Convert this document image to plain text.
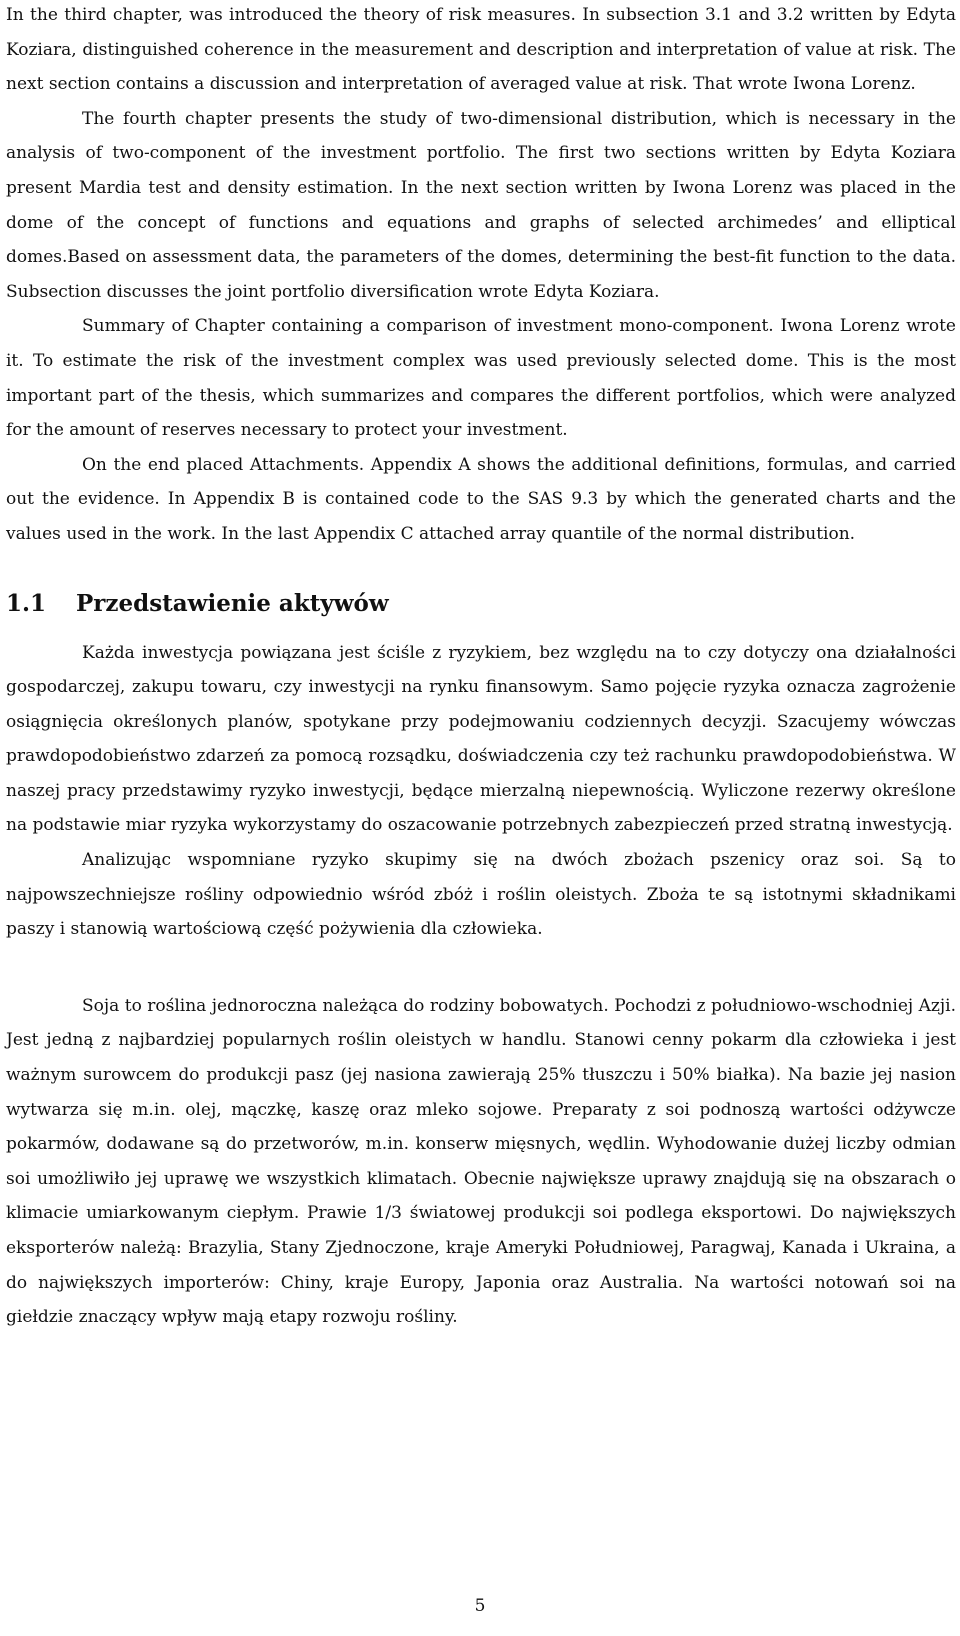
In the third chapter, was introduced the theory of risk measures. In subsection 3.1 and 3.2 written by Edyta Koziara, distinguished coherence in the measurement and description and interpretation of value at risk. The next section contains a discussion and interpretation of averaged value at risk. That wrote Iwona Lorenz.

The fourth chapter presents the study of two-dimensional distribution, which is necessary in the analysis of two-component of the investment portfolio. The first two sections written by Edyta Koziara present Mardia test and density estimation. In the next section written by Iwona Lorenz was placed in the dome of the concept of functions and equations and graphs of selected archimedes’ and elliptical domes.Based on assessment data, the parameters of the domes, determining the best-fit function to the data. Subsection discusses the joint portfolio diversification wrote Edyta Koziara.

Summary of Chapter containing a comparison of investment mono-component. Iwona Lorenz wrote it. To estimate the risk of the investment complex was used previously selected dome. This is the most important part of the thesis, which summarizes and compares the different portfolios, which were analyzed for the amount of reserves necessary to protect your investment.

On the end placed Attachments. Appendix A shows the additional definitions, formulas, and carried out the evidence. In Appendix B is contained code to the SAS 9.3 by which the generated charts and the values used in the work. In the last Appendix C attached array quantile of the normal distribution.

1.1	Przedstawienie aktywów

Każda inwestycja powiązana jest ściśle z ryzykiem, bez względu na to czy dotyczy ona działalności gospodarczej, zakupu towaru, czy inwestycji na rynku finansowym. Samo pojęcie ryzyka oznacza zagrożenie osiągnięcia określonych planów, spotykane przy podejmowaniu codziennych decyzji. Szacujemy wówczas prawdopodobieństwo zdarzeń za pomocą rozsądku, doświadczenia czy też rachunku prawdopodobieństwa. W naszej pracy przedstawimy ryzyko inwestycji, będące mierzalną niepewnością. Wyliczone rezerwy określone na podstawie miar ryzyka wykorzystamy do oszacowanie potrzebnych zabezpieczeń przed stratną inwestycją.

Analizując wspomniane ryzyko skupimy się na dwóch zbożach pszenicy oraz soi. Są to najpowszechniejsze rośliny odpowiednio wśród zbóż i roślin oleistych. Zboża te są istotnymi składnikami paszy i stanowią wartościową część pożywienia dla człowieka.

Soja to roślina jednoroczna należąca do rodziny bobowatych. Pochodzi z południowo-wschodniej Azji. Jest jedną z najbardziej popularnych roślin oleistych w handlu. Stanowi cenny pokarm dla człowieka i jest ważnym surowcem do produkcji pasz (jej nasiona zawierają 25% tłuszczu i 50% białka). Na bazie jej nasion wytwarza się m.in. olej, mączkę, kaszę oraz mleko sojowe. Preparaty z soi podnoszą wartości odżywcze pokarmów, dodawane są do przetworów, m.in. konserw mięsnych, wędlin. Wyhodowanie dużej liczby odmian soi umożliwiło jej uprawę we wszystkich klimatach. Obecnie największe uprawy znajdują się na obszarach o klimacie umiarkowanym ciepłym. Prawie 1/3 światowej produkcji soi podlega eksportowi. Do największych eksporterów należą: Brazylia, Stany Zjednoczone, kraje Ameryki Południowej, Paragwaj, Kanada i Ukraina, a do największych importerów: Chiny, kraje Europy, Japonia oraz Australia. Na wartości notowań soi na giełdzie znaczący wpływ mają etapy rozwoju rośliny.

5
